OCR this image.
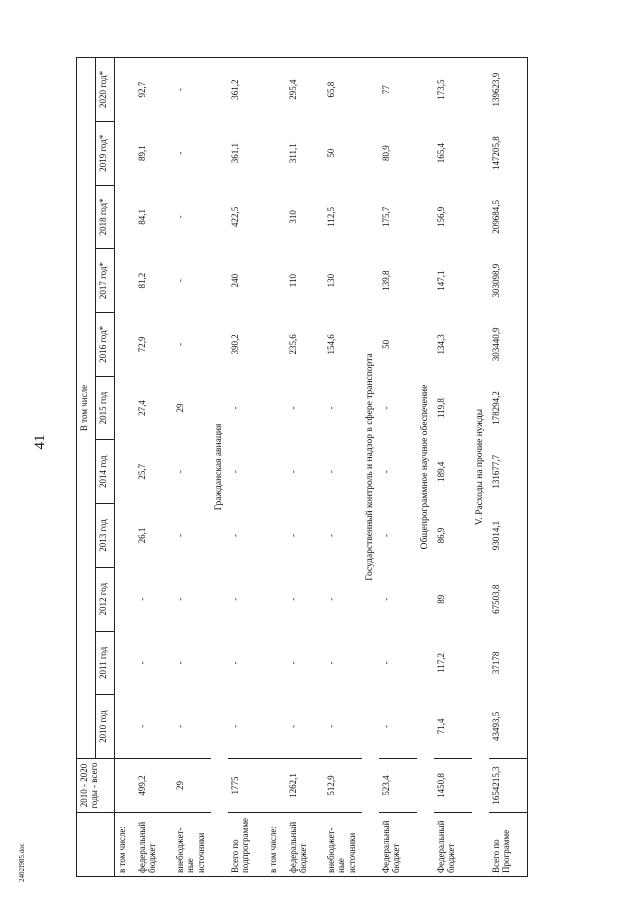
41
	2010 - 2020 годы - всего	В том числе										
		2010 год	2011 год	2012 год	2013 год	2014 год	2015 год	2016 год*	2017 год*	2018 год*	2019 год*	2020 год*
в том числе:												
федеральный бюджет	499,2	-	-	-	26,1	25,7	27,4	72,9	81,2	84,1	89,1	92,7
внебюджет-ные источники	29	-	-	-	-	-	29	-	-	-	-	-
Гражданская авиация												
Всего по подпрограмме	1775	-	-	-	-	-	-	390,2	240	422,5	361,1	361,2
в том числе:												
федеральный бюджет	1262,1	-	-	-	-	-	-	235,6	110	310	311,1	295,4
внебюджет-ные источники	512,9	-	-	-	-	-	-	154,6	130	112,5	50	65,8
Государственный контроль и надзор в сфере транспорта												
Федеральный бюджет	523,4	-	-	-	-	-	-	50	139,8	175,7	80,9	77
Общепрограммное научное обеспечение												
Федеральный бюджет	1450,8	71,4	117,2	89	86,9	189,4	119,8	134,3	147,1	156,9	165,4	173,5
V. Расходы на прочие нужды												
Всего по Программе	1654215,3	43493,5	37178	67503,8	93014,1	131677,7	178294,2	303440,9	303098,9	209684,5	147205,8	139623,9
2402I985.doc
